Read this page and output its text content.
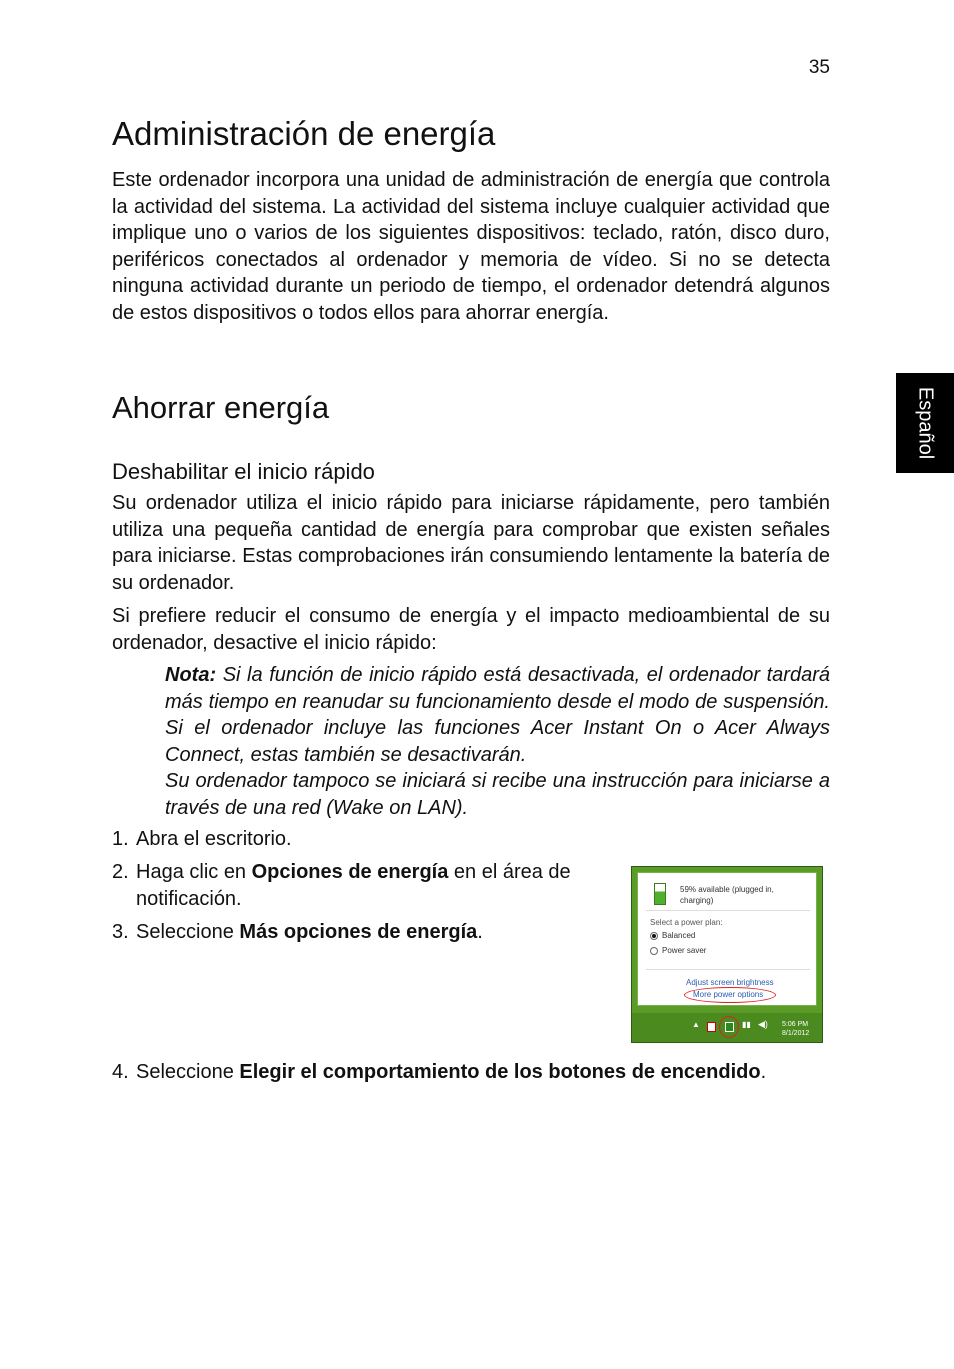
35
Español
Administración de energía

Este ordenador incorpora una unidad de administración de energía que controla la actividad del sistema. La actividad del sistema incluye cualquier actividad que implique uno o varios de los siguientes dispositivos: teclado, ratón, disco duro, periféricos conectados al ordenador y memoria de vídeo. Si no se detecta ninguna actividad durante un periodo de tiempo, el ordenador detendrá algunos de estos dispositivos o todos ellos para ahorrar energía.

Ahorrar energía
Deshabilitar el inicio rápido

Su ordenador utiliza el inicio rápido para iniciarse rápidamente, pero también utiliza una pequeña cantidad de energía para comprobar que existen señales para iniciarse. Estas comprobaciones irán consumiendo lentamente la batería de su ordenador.

Si prefiere reducir el consumo de energía y el impacto medioambiental de su ordenador, desactive el inicio rápido:

Nota: Si la función de inicio rápido está desactivada, el ordenador tardará más tiempo en reanudar su funcionamiento desde el modo de suspensión. Si el ordenador incluye las funciones Acer Instant On o Acer Always Connect, estas también se desactivarán.
Su ordenador tampoco se iniciará si recibe una instrucción para iniciarse a través de una red (Wake on LAN).
1. Abra el escritorio.
2. Haga clic en Opciones de energía en el área de notificación.
3. Seleccione Más opciones de energía.
59% available (plugged in, charging)
Select a power plan:
Balanced
Power saver
Adjust screen brightness
More power options
▲	▮▮ ◀) 5:06 PM
8/1/2012
4. Seleccione Elegir el comportamiento de los botones de encendido.
